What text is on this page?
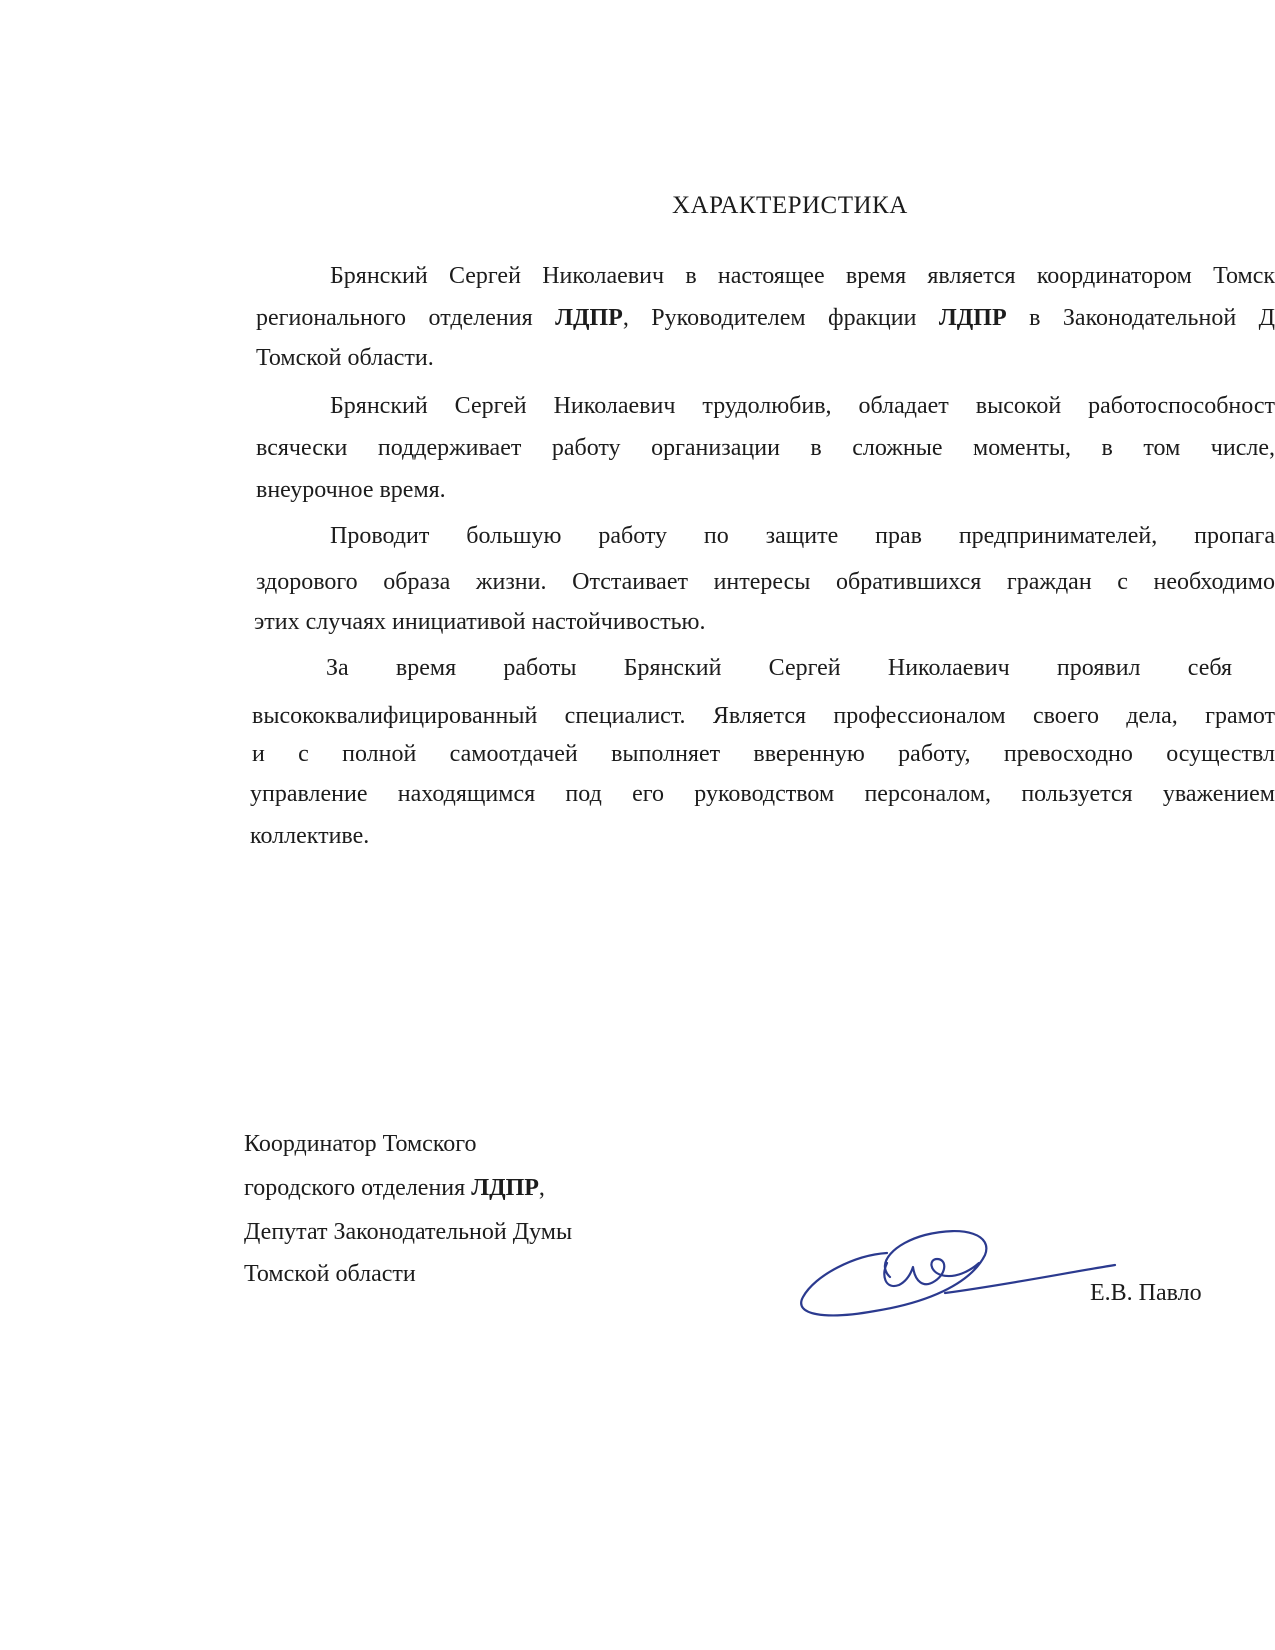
ХАРАКТЕРИСТИКА
Брянский Сергей Николаевич в настоящее время является координатором Томск
регионального отделения ЛДПР, Руководителем фракции ЛДПР в Законодательной Д
Томской области.
Брянский Сергей Николаевич трудолюбив, обладает высокой работоспособност
всячески поддерживает работу организации в сложные моменты, в том числе,
внеурочное время.
Проводит большую работу по защите прав предпринимателей, пропага
здорового образа жизни. Отстаивает интересы обратившихся граждан с необходимо
этих случаях инициативой настойчивостью.
За время работы Брянский Сергей Николаевич проявил себя
высококвалифицированный специалист. Является профессионалом своего дела, грамот
и с полной самоотдачей выполняет вверенную работу, превосходно осуществл
управление находящимся под его руководством персоналом, пользуется уважением
коллективе.
Координатор Томского
городского отделения ЛДПР,
Депутат Законодательной Думы
Томской области
Е.В. Павло
